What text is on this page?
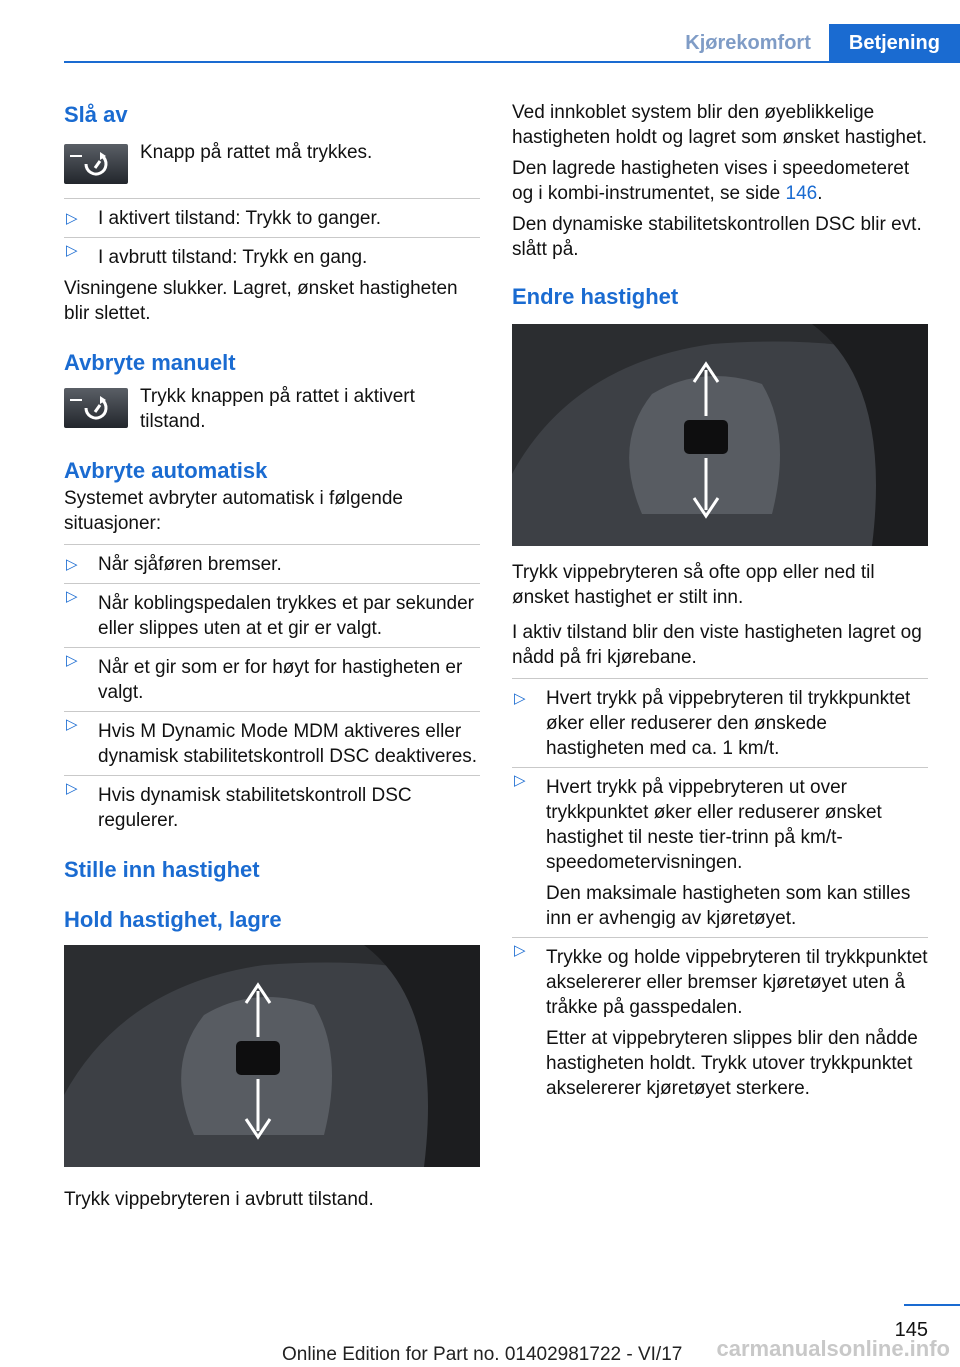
Kjørekomfort	Betjening
Slå av

Knapp på rattet må trykkes.

▷ I aktivert tilstand: Trykk to ganger.
▷ I avbrutt tilstand: Trykk en gang.

Visningene slukker. Lagret, ønsket hastigheten blir slettet.

Avbryte manuelt

Trykk knappen på rattet i aktivert tilstand.

Avbryte automatisk

Systemet avbryter automatisk i følgende situasjoner:

▷ Når sjåføren bremser.
▷ Når koblingspedalen trykkes et par sekunder eller slippes uten at et gir er valgt.
▷ Når et gir som er for høyt for hastigheten er valgt.
▷ Hvis M Dynamic Mode MDM aktiveres eller dynamisk stabilitetskontroll DSC deaktiveres.
▷ Hvis dynamisk stabilitetskontroll DSC regulerer.
Stille inn hastighet
Hold hastighet, lagre

Trykk vippebryteren i avbrutt tilstand.

Ved innkoblet system blir den øyeblikkelige hastigheten holdt og lagret som ønsket hastighet.

Den lagrede hastigheten vises i speedometeret og i kombi-instrumentet, se side 146.

Den dynamiske stabilitetskontrollen DSC blir evt. slått på.

Endre hastighet

Trykk vippebryteren så ofte opp eller ned til ønsket hastighet er stilt inn.

I aktiv tilstand blir den viste hastigheten lagret og nådd på fri kjørebane.

▷ Hvert trykk på vippebryteren til trykkpunktet øker eller reduserer den ønskede hastigheten med ca. 1 km/t.
▷ Hvert trykk på vippebryteren ut over trykkpunktet øker eller reduserer ønsket hastighet til neste tier-trinn på km/t-speedometervisningen.
Den maksimale hastigheten som kan stilles inn er avhengig av kjøretøyet.
▷ Trykke og holde vippebryteren til trykkpunktet akselererer eller bremser kjøretøyet uten å tråkke på gasspedalen.
Etter at vippebryteren slippes blir den nådde hastigheten holdt. Trykk utover trykkpunktet akselererer kjøretøyet sterkere.
145
carmanualsonline.info
Online Edition for Part no. 01402981722 - VI/17
